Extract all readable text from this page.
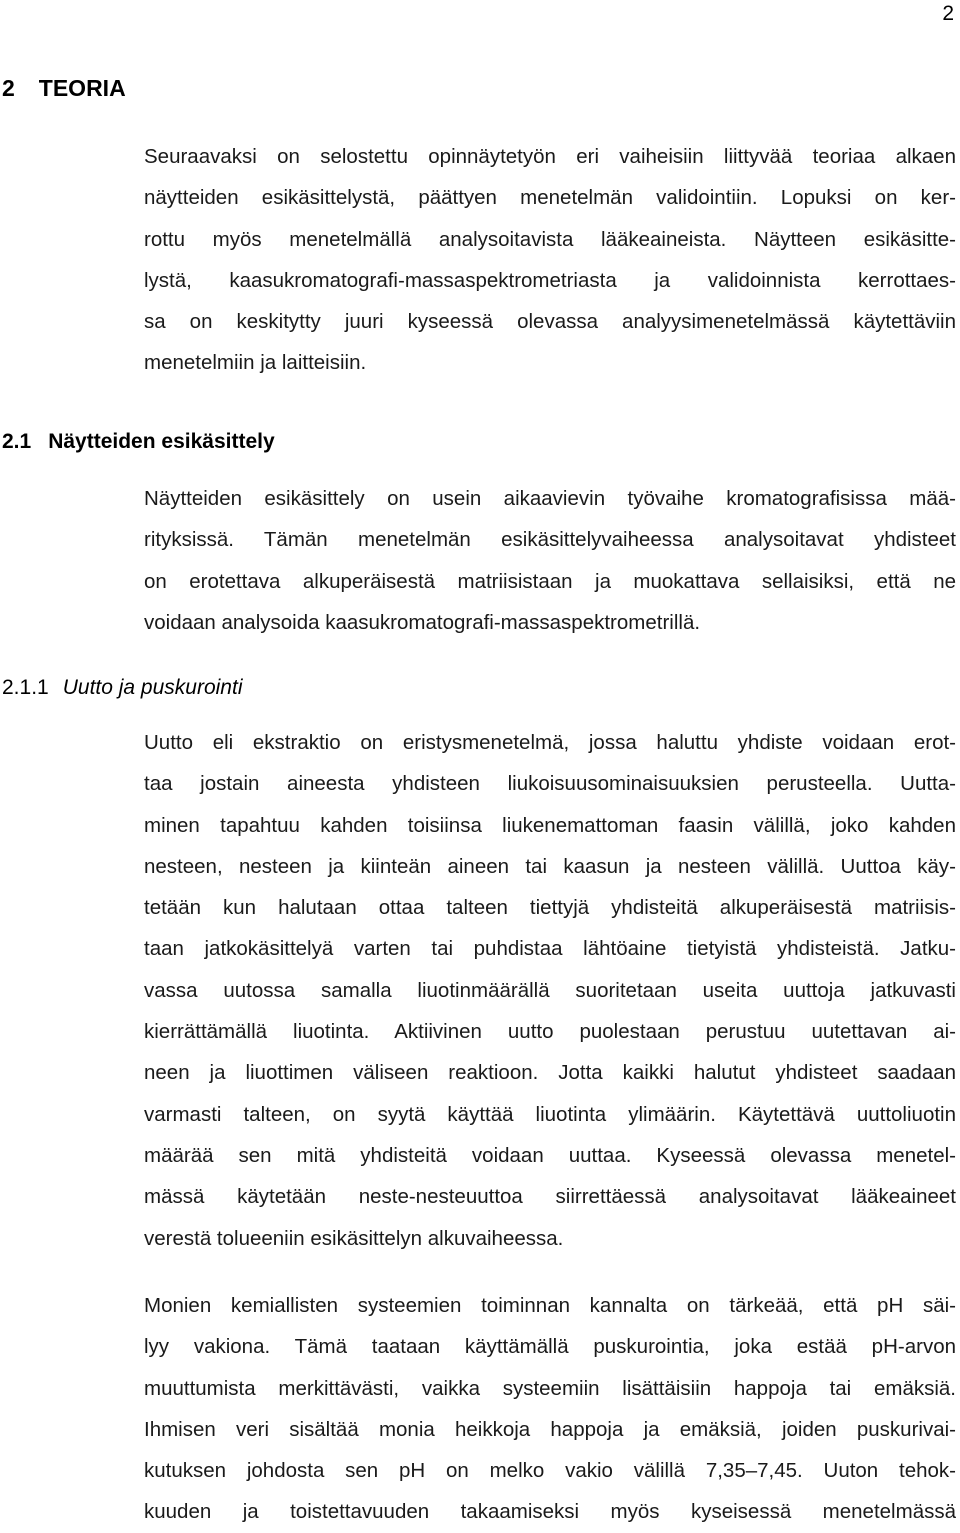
2
2 TEORIA

Seuraavaksi on selostettu opinnäytetyön eri vaiheisiin liittyvää teoriaa alkaen
näytteiden esikäsittelystä, päättyen menetelmän validointiin. Lopuksi on ker-
rottu myös menetelmällä analysoitavista lääkeaineista. Näytteen esikäsitte-
lystä, kaasukromatografi-massaspektrometriasta ja validoinnista kerrottaes-
sa on keskitytty juuri kyseessä olevassa analyysimenetelmässä käytettäviin
menetelmiin ja laitteisiin.

2.1 Näytteiden esikäsittely

Näytteiden esikäsittely on usein aikaavievin työvaihe kromatografisissa mää-
rityksissä. Tämän menetelmän esikäsittelyvaiheessa analysoitavat yhdisteet
on erotettava alkuperäisestä matriisistaan ja muokattava sellaisiksi, että ne
voidaan analysoida kaasukromatografi-massaspektrometrillä.

2.1.1 Uutto ja puskurointi

Uutto eli ekstraktio on eristysmenetelmä, jossa haluttu yhdiste voidaan erot-
taa jostain aineesta yhdisteen liukoisuusominaisuuksien perusteella. Uutta-
minen tapahtuu kahden toisiinsa liukenemattoman faasin välillä, joko kahden
nesteen, nesteen ja kiinteän aineen tai kaasun ja nesteen välillä. Uuttoa käy-
tetään kun halutaan ottaa talteen tiettyjä yhdisteitä alkuperäisestä matriisis-
taan jatkokäsittelyä varten tai puhdistaa lähtöaine tietyistä yhdisteistä. Jatku-
vassa uutossa samalla liuotinmäärällä suoritetaan useita uuttoja jatkuvasti
kierrättämällä liuotinta. Aktiivinen uutto puolestaan perustuu uutettavan ai-
neen ja liuottimen väliseen reaktioon. Jotta kaikki halutut yhdisteet saadaan
varmasti talteen, on syytä käyttää liuotinta ylimäärin. Käytettävä uuttoliuotin
määrää sen mitä yhdisteitä voidaan uuttaa. Kyseessä olevassa menetel-
mässä käytetään neste-nesteuuttoa siirrettäessä analysoitavat lääkeaineet
verestä tolueeniin esikäsittelyn alkuvaiheessa.

Monien kemiallisten systeemien toiminnan kannalta on tärkeää, että pH säi-
lyy vakiona. Tämä taataan käyttämällä puskurointia, joka estää pH-arvon
muuttumista merkittävästi, vaikka systeemiin lisättäisiin happoja tai emäksiä.
Ihmisen veri sisältää monia heikkoja happoja ja emäksiä, joiden puskurivai-
kutuksen johdosta sen pH on melko vakio välillä 7,35–7,45. Uuton tehok-
kuuden ja toistettavuuden takaamiseksi myös kyseisessä menetelmässä
